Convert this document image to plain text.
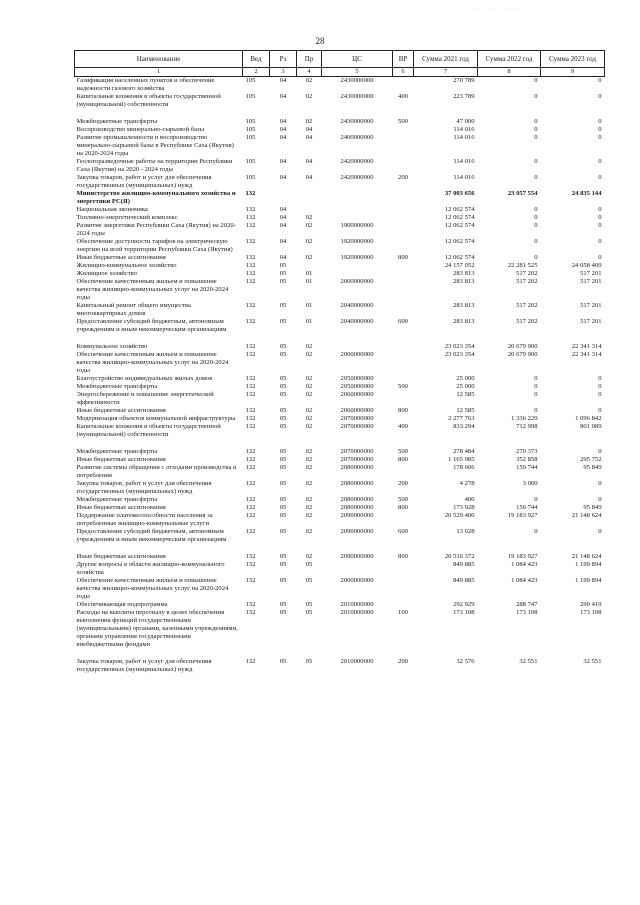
... .... ......
28
Наименование	Вед	Рз	Пр	ЦС	ВР	Сумма 2021 год	Сумма 2022 год	Сумма 2023 год
1	2	3	4	5	6	7	8	9
Газификация населенных пунктов и обеспечение надежности газового хозяйства	105	04	02	2430000000		270 789	0	0
Капитальные вложения в объекты государственной (муниципальной) собственности	105	04	02	2430000000	400	223 789	0	0

Межбюджетные трансферты	105	04	02	2430000000	500	47 000	0	0
Воспроизводство минерально-сырьевой базы	105	04	04			114 016	0	0
Развитие промышленности и воспроизводство минерально-сырьевой базы в Республике Саха (Якутия) на 2020-2024 годы	105	04	04	2400000000		114 016	0	0
Геологоразведочные работы на территории Республики Саха (Якутия) на 2020 - 2024 годы	105	04	04	2420000000		114 016	0	0
Закупка товаров, работ и услуг для обеспечения государственных (муниципальных) нужд	105	04	04	2420000000	200	114 016	0	0
Министерство жилищно-коммунального хозяйства и энергетики РС(Я)	132					37 003 656	23 057 554	24 835 144
Национальная экономика	132	04				12 062 574	0	0
Топливно-энергетический комплекс	132	04	02			12 062 574	0	0
Развитие энергетики Республики Саха (Якутия) на 2020-2024 годы	132	04	02	1900000000		12 062 574	0	0
Обеспечение доступности тарифов на электрическую энергию на всей территории Республики Саха (Якутия)	132	04	02	1920000000		12 062 574	0	0
Иные бюджетные ассигнования	132	04	02	1920000000	800	12 062 574	0	0
Жилищно-коммунальное хозяйство	132	05				24 157 052	22 281 525	24 058 409
Жилищное хозяйство	132	05	01			283 813	517 202	517 201
Обеспечение качественным жильем и повышение качества жилищно-коммунальных услуг на 2020-2024 годы	132	05	01	2000000000		283 813	517 202	517 201
Капитальный ремонт общего имущества многоквартирных домов	132	05	01	2040000000		283 813	517 202	517 201
Предоставление субсидий бюджетным, автономным учреждениям и иным некоммерческим организациям	132	05	01	2040000000	600	283 813	517 202	517 201

Коммунальное хозяйство	132	05	02			23 023 354	20 679 900	22 341 314
Обеспечение качественным жильем и повышение качества жилищно-коммунальных услуг на 2020-2024 годы	132	05	02	2000000000		23 023 354	20 679 900	22 341 314
Благоустройство индивидуальных жилых домов	132	05	02	2050000000		25 000	0	0
Межбюджетные трансферты	132	05	02	2050000000	500	25 000	0	0
Энергосбережение и повышение энергетической эффективности	132	05	02	2060000000		12 585	0	0
Иные бюджетные ассигнования	132	05	02	2060000000	800	12 585	0	0
Модернизация объектов коммунальной инфраструктуры	132	05	02	2070000000		2 277 763	1 336 229	1 096 842
Капитальные вложения в объекты государственной (муниципальной) собственности	132	05	02	2070000000	400	833 294	712 998	801 089

Межбюджетные трансферты	132	05	02	2070000000	500	278 484	270 373	0
Иные бюджетные ассигнования	132	05	02	2070000000	800	1 165 985	352 858	295 752
Развитие системы обращения с отходами производства и потребления	132	05	02	2080000000		178 606	159 744	95 849
Закупка товаров, работ и услуг для обеспечения государственных (муниципальных) нужд	132	05	02	2080000000	200	4 278	3 000	0
Межбюджетные трансферты	132	05	02	2080000000	500	400	0	0
Иные бюджетные ассигнования	132	05	02	2080000000	800	173 928	156 744	95 849
Поддержание платежеспособности населения за потребленные жилищно-коммунальные услуги	132	05	02	2090000000		20 529 400	19 183 927	21 148 624
Предоставление субсидий бюджетным, автономным учреждениям и иным некоммерческим организациям	132	05	02	2090000000	600	13 028	0	0

Иные бюджетные ассигнования	132	05	02	2090000000	800	20 516 372	19 183 927	21 148 624
Другие вопросы в области жилищно-коммунального хозяйства	132	05	05			849 885	1 084 423	1 199 894
Обеспечение качественным жильем и повышение качества жилищно-коммунальных услуг на 2020-2024 годы	132	05	05	2000000000		849 885	1 084 423	1 199 894
Обеспечивающая подпрограмма	132	05	05	2010000000		292 929	288 747	290 419
Расходы на выплаты персоналу в целях обеспечения выполнения функций государственными (муниципальными) органами, казенными учреждениями, органами управления государственными внебюджетными фондами	132	05	05	2010000000	100	173 108	173 108	173 108

Закупка товаров, работ и услуг для обеспечения государственных (муниципальных) нужд	132	05	05	2010000000	200	32 576	32 551	32 551
